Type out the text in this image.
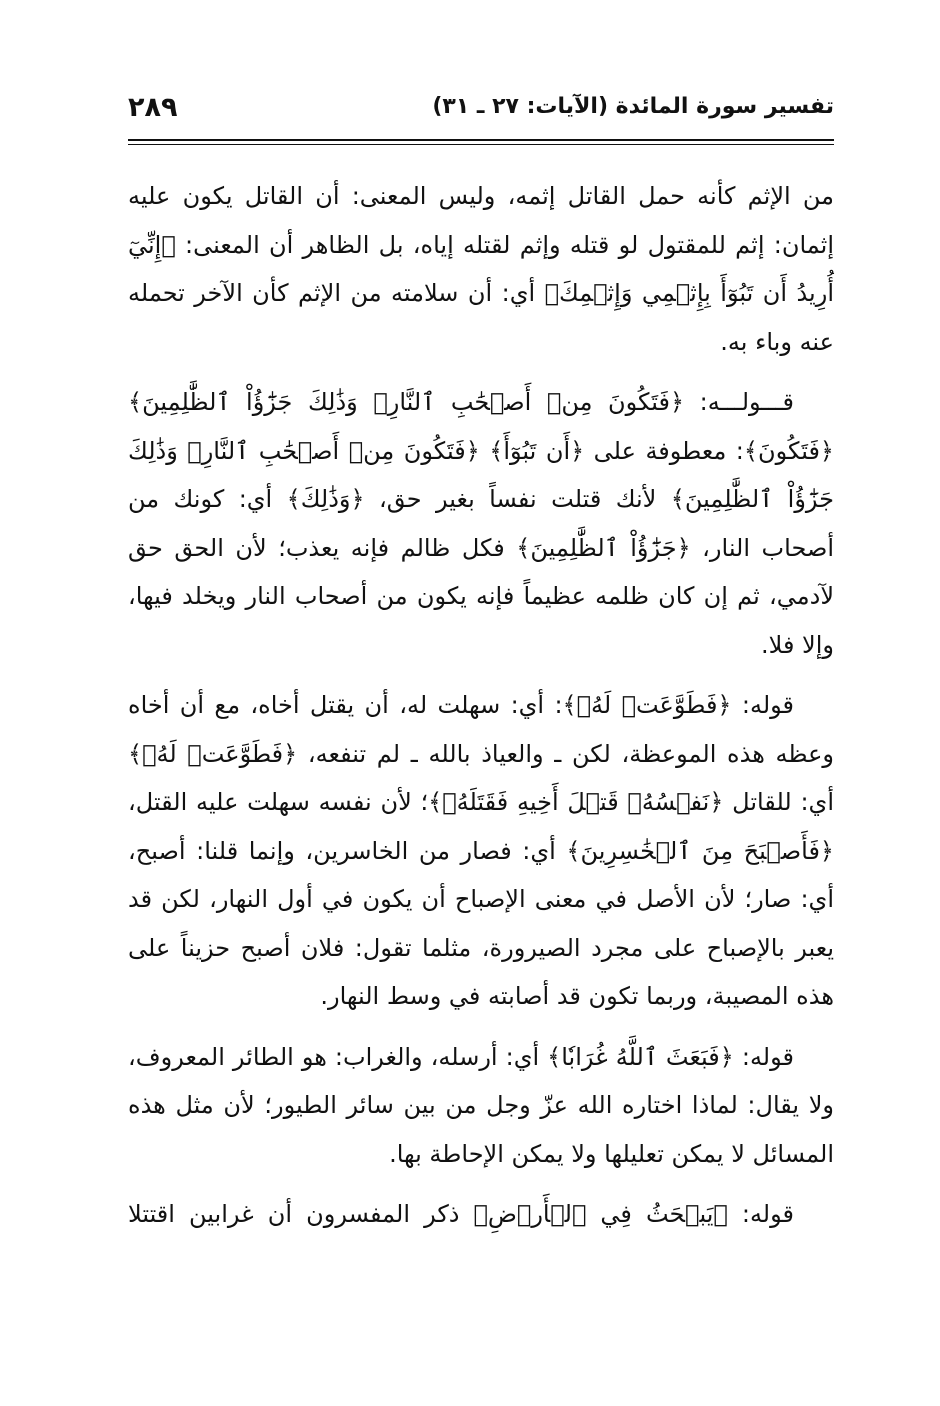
تفسير سورة المائدة (الآيات: ٢٧ ـ ٣١)
٢٨٩

من الإثم كأنه حمل القاتل إثمه، وليس المعنى: أن القاتل يكون عليه إثمان: إثم للمقتول لو قتله وإثم لقتله إياه، بل الظاهر أن المعنى: ﴿إِنِّيٓ أُرِيدُ أَن تَبُوٓأَ بِإِثۡمِي وَإِثۡمِكَ﴾ أي: أن سلامته من الإثم كأن الآخر تحمله عنه وباء به.

قـــولـــه: ﴿فَتَكُونَ مِنۡ أَصۡحَٰبِ ٱلنَّارِۚ وَذَٰلِكَ جَزَٰٓؤُاْ ٱلظَّٰلِمِينَ﴾ ﴿فَتَكُونَ﴾: معطوفة على ﴿أَن تَبُوٓأَ﴾ ﴿فَتَكُونَ مِنۡ أَصۡحَٰبِ ٱلنَّارِۚ وَذَٰلِكَ جَزَٰٓؤُاْ ٱلظَّٰلِمِينَ﴾ لأنك قتلت نفساً بغير حق، ﴿وَذَٰلِكَ﴾ أي: كونك من أصحاب النار، ﴿جَزَٰٓؤُاْ ٱلظَّٰلِمِينَ﴾ فكل ظالم فإنه يعذب؛ لأن الحق حق لآدمي، ثم إن كان ظلمه عظيماً فإنه يكون من أصحاب النار ويخلد فيها، وإلا فلا.

قوله: ﴿فَطَوَّعَتۡ لَهُۥ﴾: أي: سهلت له، أن يقتل أخاه، مع أن أخاه وعظه هذه الموعظة، لكن ـ والعياذ بالله ـ لم تنفعه، ﴿فَطَوَّعَتۡ لَهُۥ﴾ أي: للقاتل ﴿نَفۡسُهُۥ قَتۡلَ أَخِيهِ فَقَتَلَهُۥ﴾؛ لأن نفسه سهلت عليه القتل، ﴿فَأَصۡبَحَ مِنَ ٱلۡخَٰسِرِينَ﴾ أي: فصار من الخاسرين، وإنما قلنا: أصبح، أي: صار؛ لأن الأصل في معنى الإصباح أن يكون في أول النهار، لكن قد يعبر بالإصباح على مجرد الصيرورة، مثلما تقول: فلان أصبح حزيناً على هذه المصيبة، وربما تكون قد أصابته في وسط النهار.

قوله: ﴿فَبَعَثَ ٱللَّهُ غُرَابٗا﴾ أي: أرسله، والغراب: هو الطائر المعروف، ولا يقال: لماذا اختاره الله عزّ وجل من بين سائر الطيور؛ لأن مثل هذه المسائل لا يمكن تعليلها ولا يمكن الإحاطة بها.

قوله: ﴿يَبۡحَثُ فِي ٱلۡأَرۡضِ﴾ ذكر المفسرون أن غرابين اقتتلا
